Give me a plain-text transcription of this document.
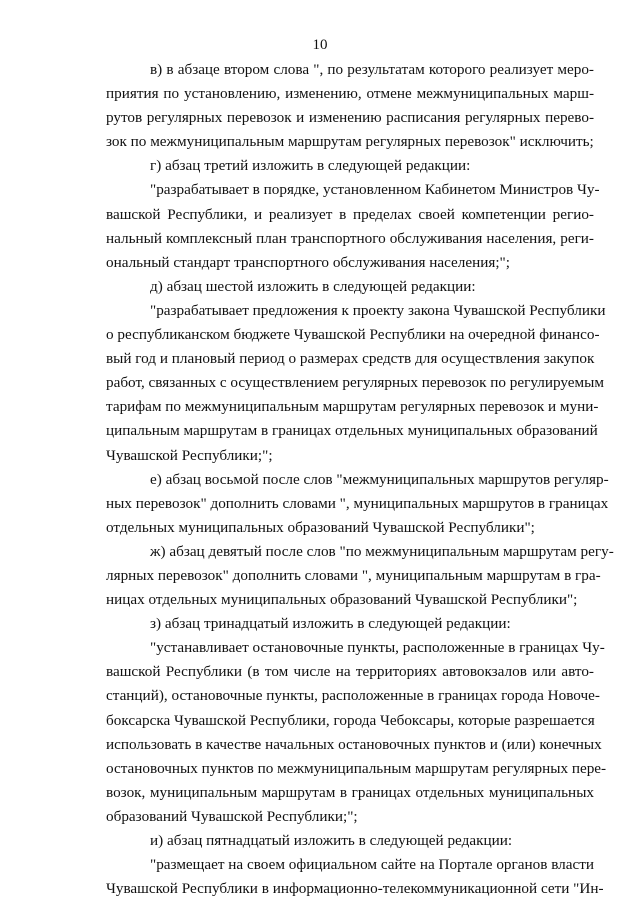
10
в) в абзаце втором слова ", по результатам которого реализует меро-
приятия по установлению, изменению, отмене межмуниципальных марш-
рутов регулярных перевозок и изменению расписания регулярных перево-
зок по межмуниципальным маршрутам регулярных перевозок" исключить;
г) абзац третий изложить в следующей редакции:
"разрабатывает в порядке, установленном Кабинетом Министров Чу-
вашской Республики, и реализует в пределах своей компетенции регио-
нальный комплексный план транспортного обслуживания населения, реги-
ональный стандарт транспортного обслуживания населения;";
д) абзац шестой изложить в следующей редакции:
"разрабатывает предложения к проекту закона Чувашской Республики
о республиканском бюджете Чувашской Республики на очередной финансо-
вый год и плановый период о размерах средств для осуществления закупок
работ, связанных с осуществлением регулярных перевозок по регулируемым
тарифам по межмуниципальным маршрутам регулярных перевозок и муни-
ципальным маршрутам в границах отдельных муниципальных образований
Чувашской Республики;";
е) абзац восьмой после слов "межмуниципальных маршрутов регуляр-
ных перевозок" дополнить словами ", муниципальных маршрутов в границах
отдельных муниципальных образований Чувашской Республики";
ж) абзац девятый после слов "по межмуниципальным маршрутам регу-
лярных перевозок" дополнить словами ", муниципальным маршрутам в гра-
ницах отдельных муниципальных образований Чувашской Республики";
з) абзац тринадцатый изложить в следующей редакции:
"устанавливает остановочные пункты, расположенные в границах Чу-
вашской Республики (в том числе на территориях автовокзалов или авто-
станций), остановочные пункты, расположенные в границах города Новоче-
боксарска Чувашской Республики, города Чебоксары, которые разрешается
использовать в качестве начальных остановочных пунктов и (или) конечных
остановочных пунктов по межмуниципальным маршрутам регулярных пере-
возок, муниципальным маршрутам в границах отдельных муниципальных
образований Чувашской Республики;";
и) абзац пятнадцатый изложить в следующей редакции:
"размещает на своем официальном сайте на Портале органов власти
Чувашской Республики в информационно-телекоммуникационной сети "Ин-
